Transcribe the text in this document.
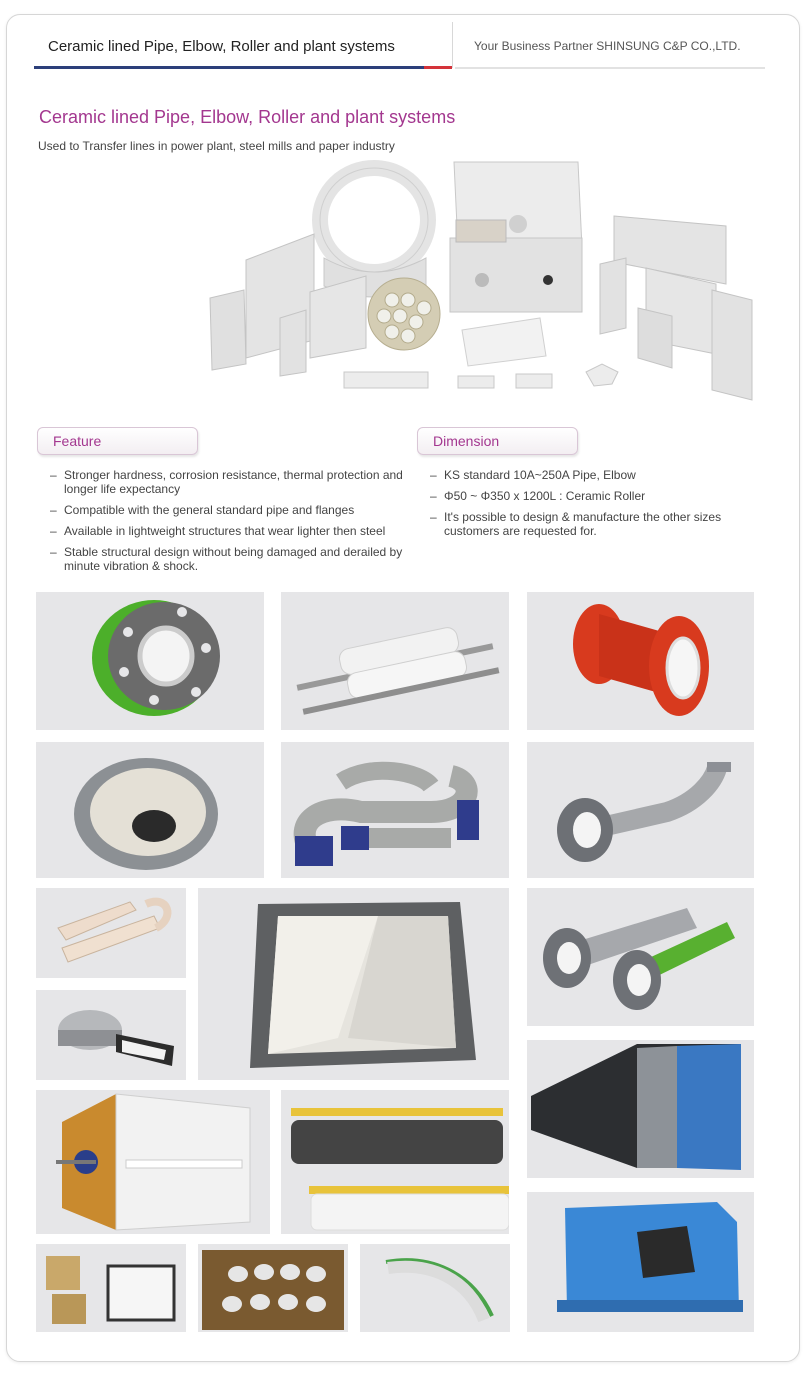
Ceramic lined Pipe, Elbow, Roller and plant systems	Your Business Partner SHINSUNG C&P CO.,LTD.
Ceramic lined Pipe, Elbow, Roller and plant systems
Used to Transfer lines in power plant, steel mills and paper industry
Feature
– Stronger hardness, corrosion resistance, thermal protection and longer life expectancy
– Compatible with the general standard pipe and flanges
– Available in lightweight structures that wear lighter then steel
– Stable structural design without being damaged and derailed by minute vibration & shock.
Dimension
– KS standard 10A~250A Pipe, Elbow
– Φ50 ~ Φ350 x 1200L : Ceramic Roller
– It's possible to design & manufacture the other sizes customers are requested for.
